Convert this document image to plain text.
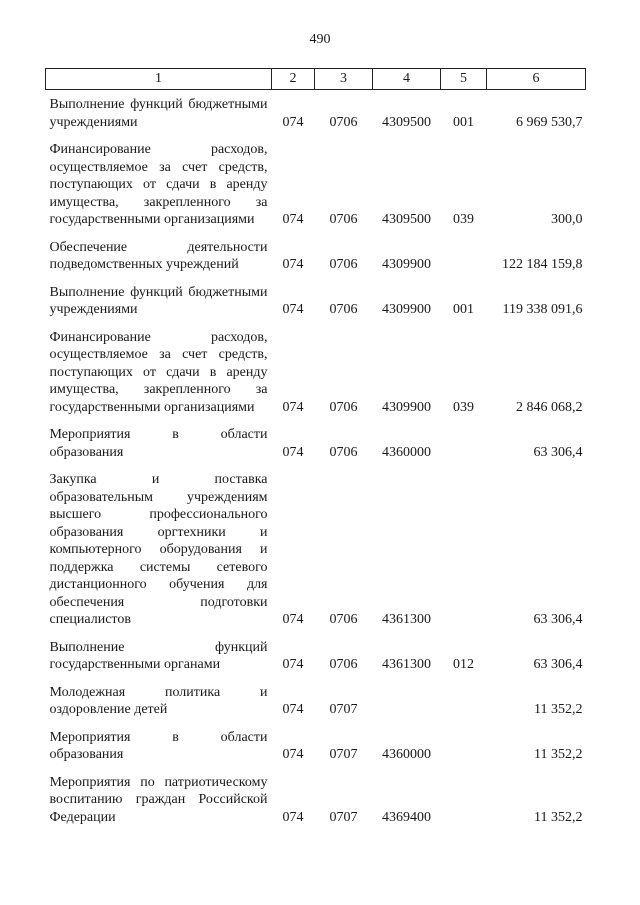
490
1	2	3	4	5	6
Выполнение функций бюджетными учреждениями	074	0706	4309500	001	6 969 530,7
Финансирование расходов, осуществляемое за счет средств, поступающих от сдачи в аренду имущества, закрепленного за государственными организациями	074	0706	4309500	039	300,0
Обеспечение деятельности подведомственных учреждений	074	0706	4309900		122 184 159,8
Выполнение функций бюджетными учреждениями	074	0706	4309900	001	119 338 091,6
Финансирование расходов, осуществляемое за счет средств, поступающих от сдачи в аренду имущества, закрепленного за государственными организациями	074	0706	4309900	039	2 846 068,2
Мероприятия в области образования	074	0706	4360000		63 306,4
Закупка и поставка образовательным учреждениям высшего профессионального образования оргтехники и компьютерного оборудования и поддержка системы сетевого дистанционного обучения для обеспечения подготовки специалистов	074	0706	4361300		63 306,4
Выполнение функций государственными органами	074	0706	4361300	012	63 306,4
Молодежная политика и оздоровление детей	074	0707			11 352,2
Мероприятия в области образования	074	0707	4360000		11 352,2
Мероприятия по патриотическому воспитанию граждан Российской Федерации	074	0707	4369400		11 352,2
